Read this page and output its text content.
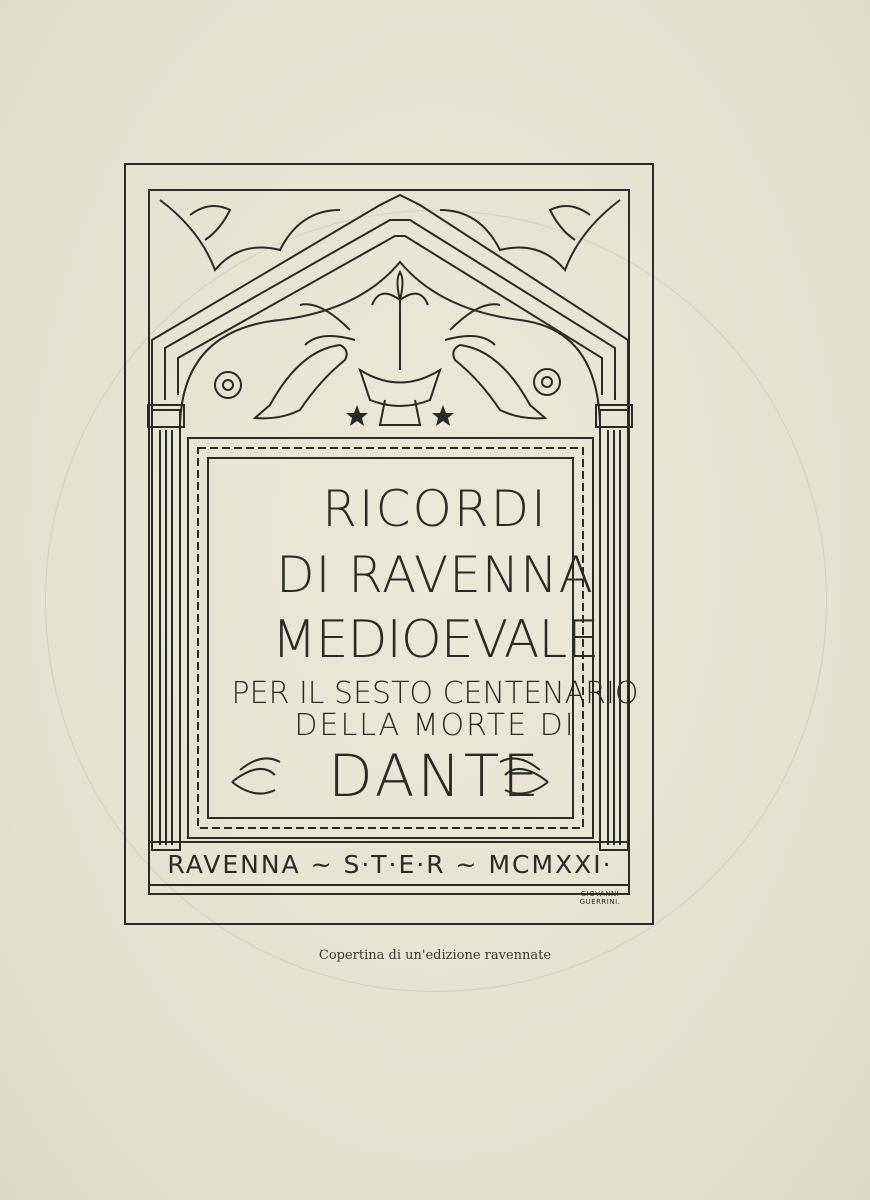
RICORDI
DI RAVENNA
MEDIOEVALE
PER IL SESTO CENTENARIO
DELLA MORTE DI
DANTE
RAVENNA ~ S·T·E·R ~ MCMXXI·
GIOVANNI
GUERRINI.
Copertina di un'edizione ravennate
